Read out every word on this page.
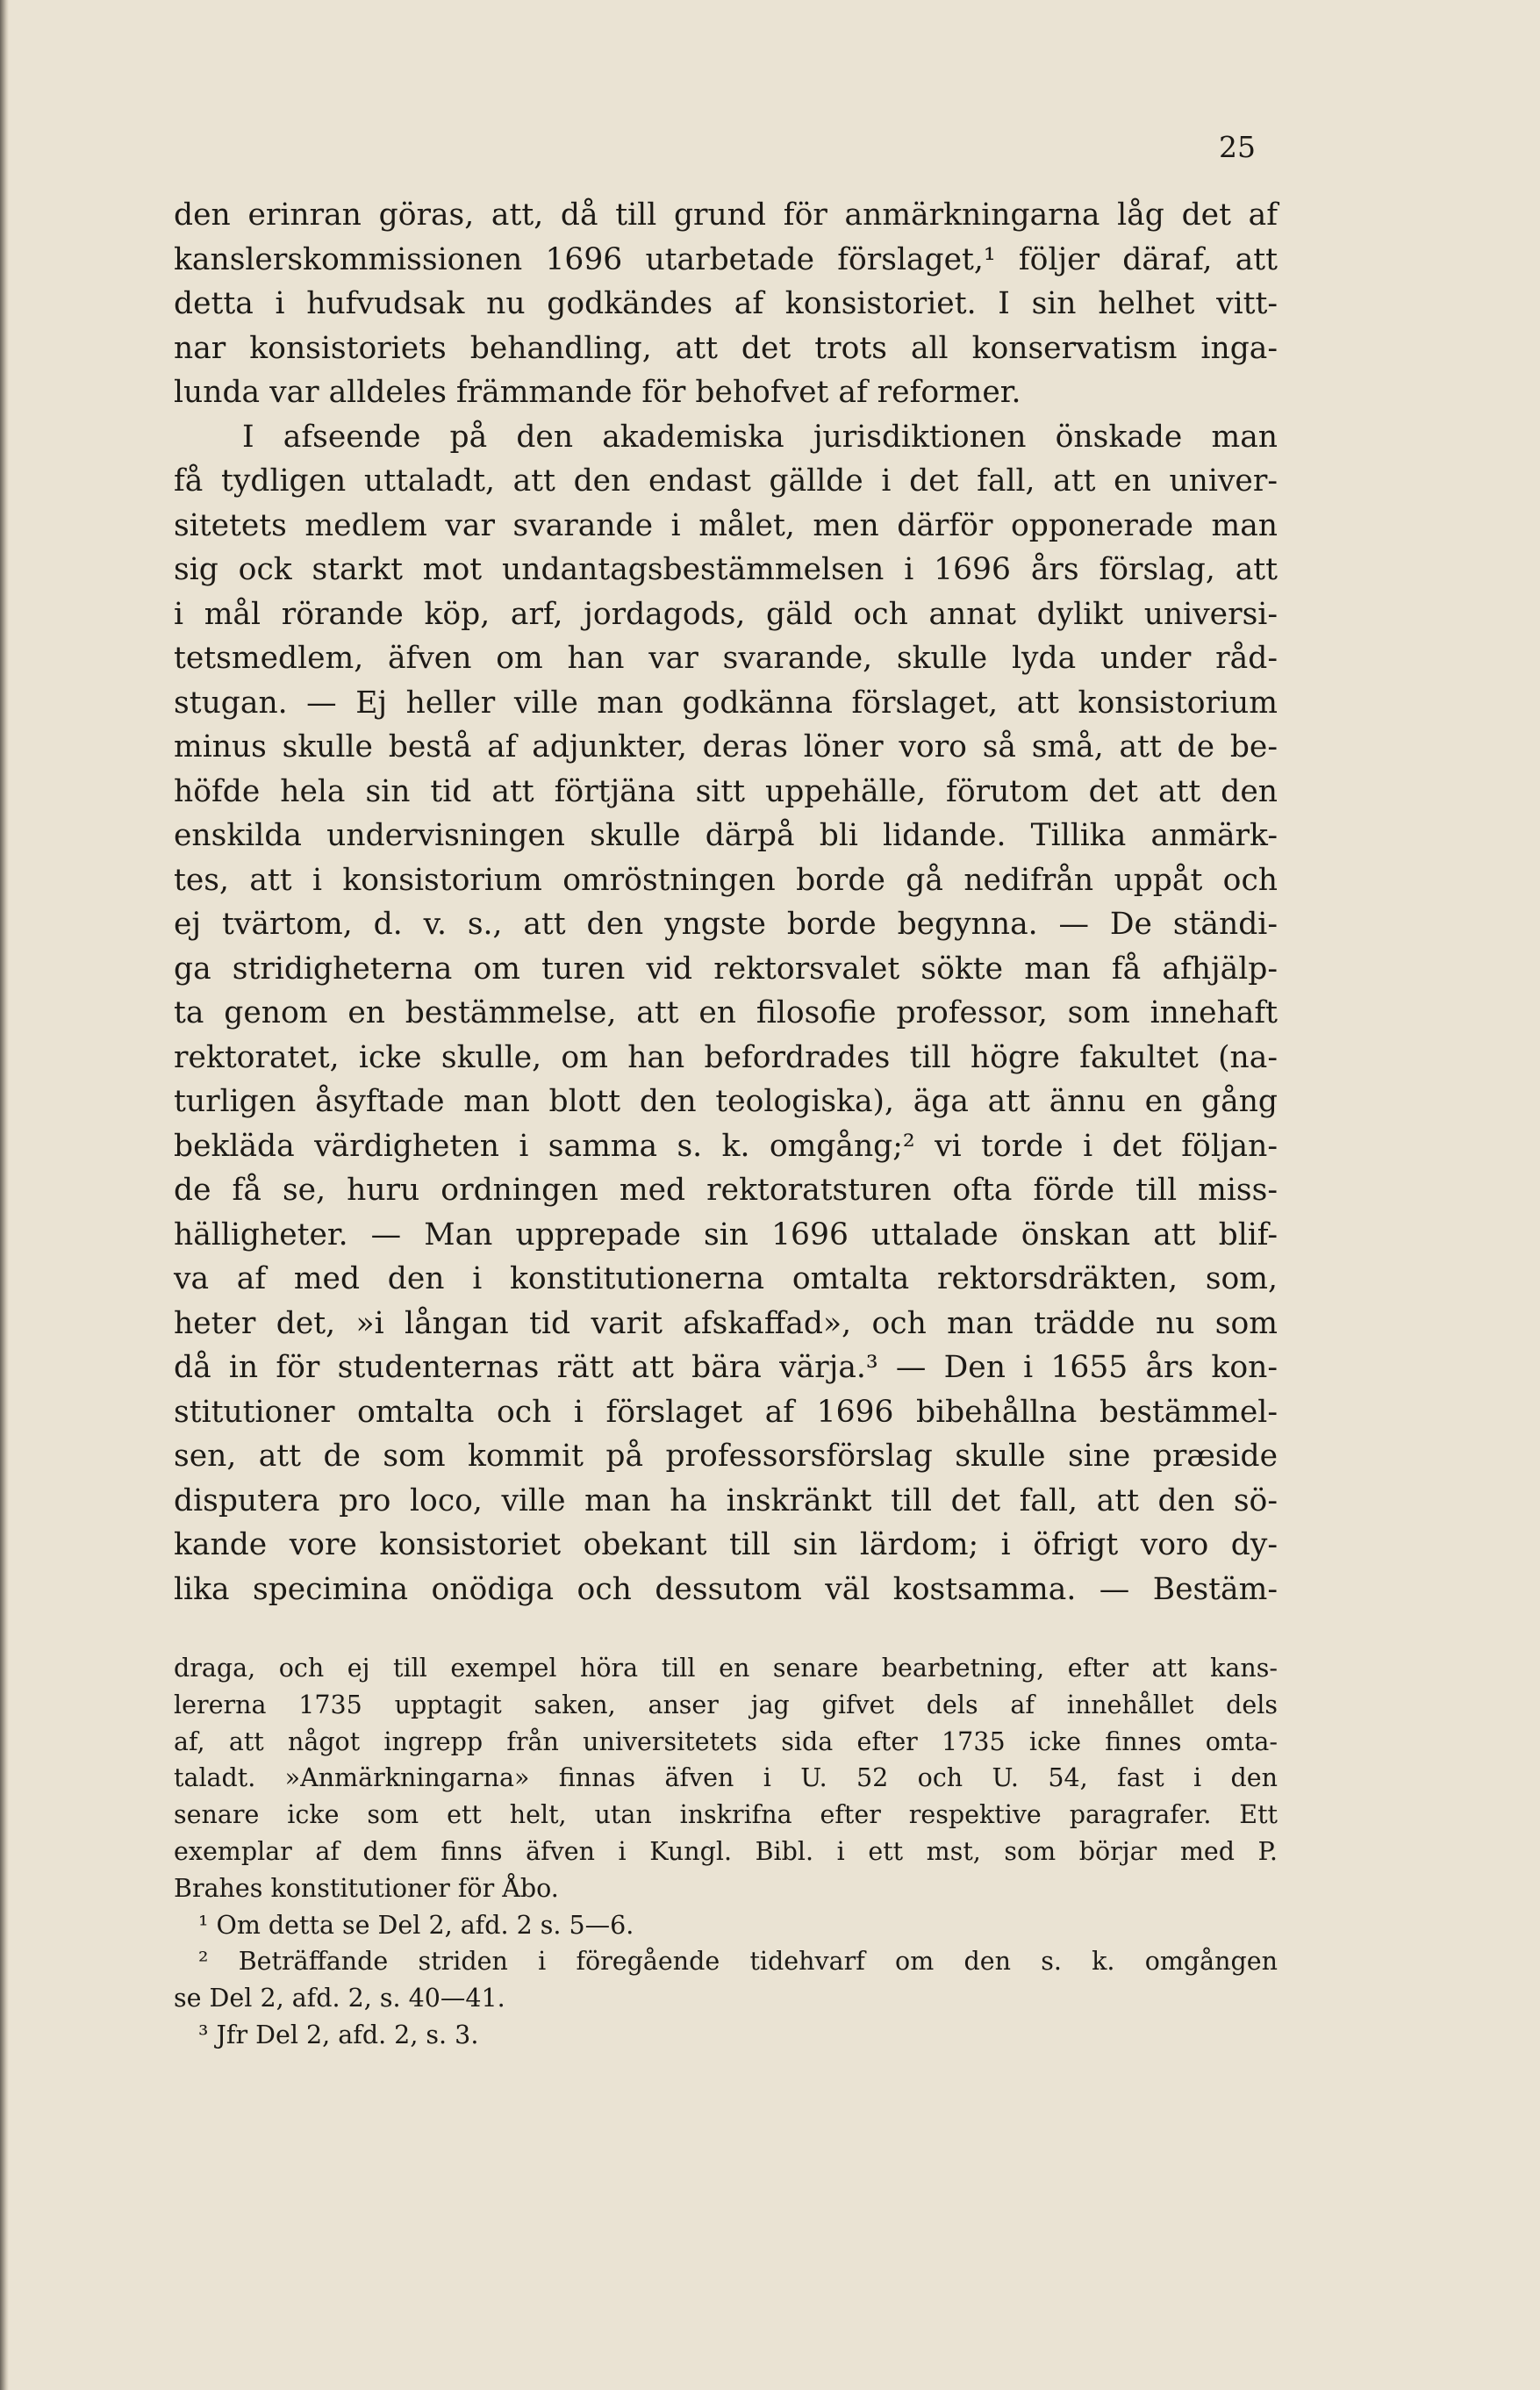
25
den erinran göras, att, då till grund för anmärkningarna låg det af
kanslerskommissionen 1696 utarbetade förslaget,¹ följer däraf, att
detta i hufvudsak nu godkändes af konsistoriet. I sin helhet vitt-
nar konsistoriets behandling, att det trots all konservatism inga-
lunda var alldeles främmande för behofvet af reformer.
I afseende på den akademiska jurisdiktionen önskade man
få tydligen uttaladt, att den endast gällde i det fall, att en univer-
sitetets medlem var svarande i målet, men därför opponerade man
sig ock starkt mot undantagsbestämmelsen i 1696 års förslag, att
i mål rörande köp, arf, jordagods, gäld och annat dylikt universi-
tetsmedlem, äfven om han var svarande, skulle lyda under råd-
stugan. — Ej heller ville man godkänna förslaget, att konsistorium
minus skulle bestå af adjunkter, deras löner voro så små, att de be-
höfde hela sin tid att förtjäna sitt uppehälle, förutom det att den
enskilda undervisningen skulle därpå bli lidande. Tillika anmärk-
tes, att i konsistorium omröstningen borde gå nedifrån uppåt och
ej tvärtom, d. v. s., att den yngste borde begynna. — De ständi-
ga stridigheterna om turen vid rektorsvalet sökte man få afhjälp-
ta genom en bestämmelse, att en filosofie professor, som innehaft
rektoratet, icke skulle, om han befordrades till högre fakultet (na-
turligen åsyftade man blott den teologiska), äga att ännu en gång
bekläda värdigheten i samma s. k. omgång;² vi torde i det följan-
de få se, huru ordningen med rektoratsturen ofta förde till miss-
hälligheter. — Man upprepade sin 1696 uttalade önskan att blif-
va af med den i konstitutionerna omtalta rektorsdräkten, som,
heter det, »i långan tid varit afskaffad», och man trädde nu som
då in för studenternas rätt att bära värja.³ — Den i 1655 års kon-
stitutioner omtalta och i förslaget af 1696 bibehållna bestämmel-
sen, att de som kommit på professorsförslag skulle sine præside
disputera pro loco, ville man ha inskränkt till det fall, att den sö-
kande vore konsistoriet obekant till sin lärdom; i öfrigt voro dy-
lika specimina onödiga och dessutom väl kostsamma. — Bestäm-
draga, och ej till exempel höra till en senare bearbetning, efter att kans-
lererna 1735 upptagit saken, anser jag gifvet dels af innehållet dels
af, att något ingrepp från universitetets sida efter 1735 icke finnes omta-
taladt. »Anmärkningarna» finnas äfven i U. 52 och U. 54, fast i den
senare icke som ett helt, utan inskrifna efter respektive paragrafer. Ett
exemplar af dem finns äfven i Kungl. Bibl. i ett mst, som börjar med P.
Brahes konstitutioner för Åbo.
¹ Om detta se Del 2, afd. 2 s. 5—6.
² Beträffande striden i föregående tidehvarf om den s. k. omgången
se Del 2, afd. 2, s. 40—41.
³ Jfr Del 2, afd. 2, s. 3.
